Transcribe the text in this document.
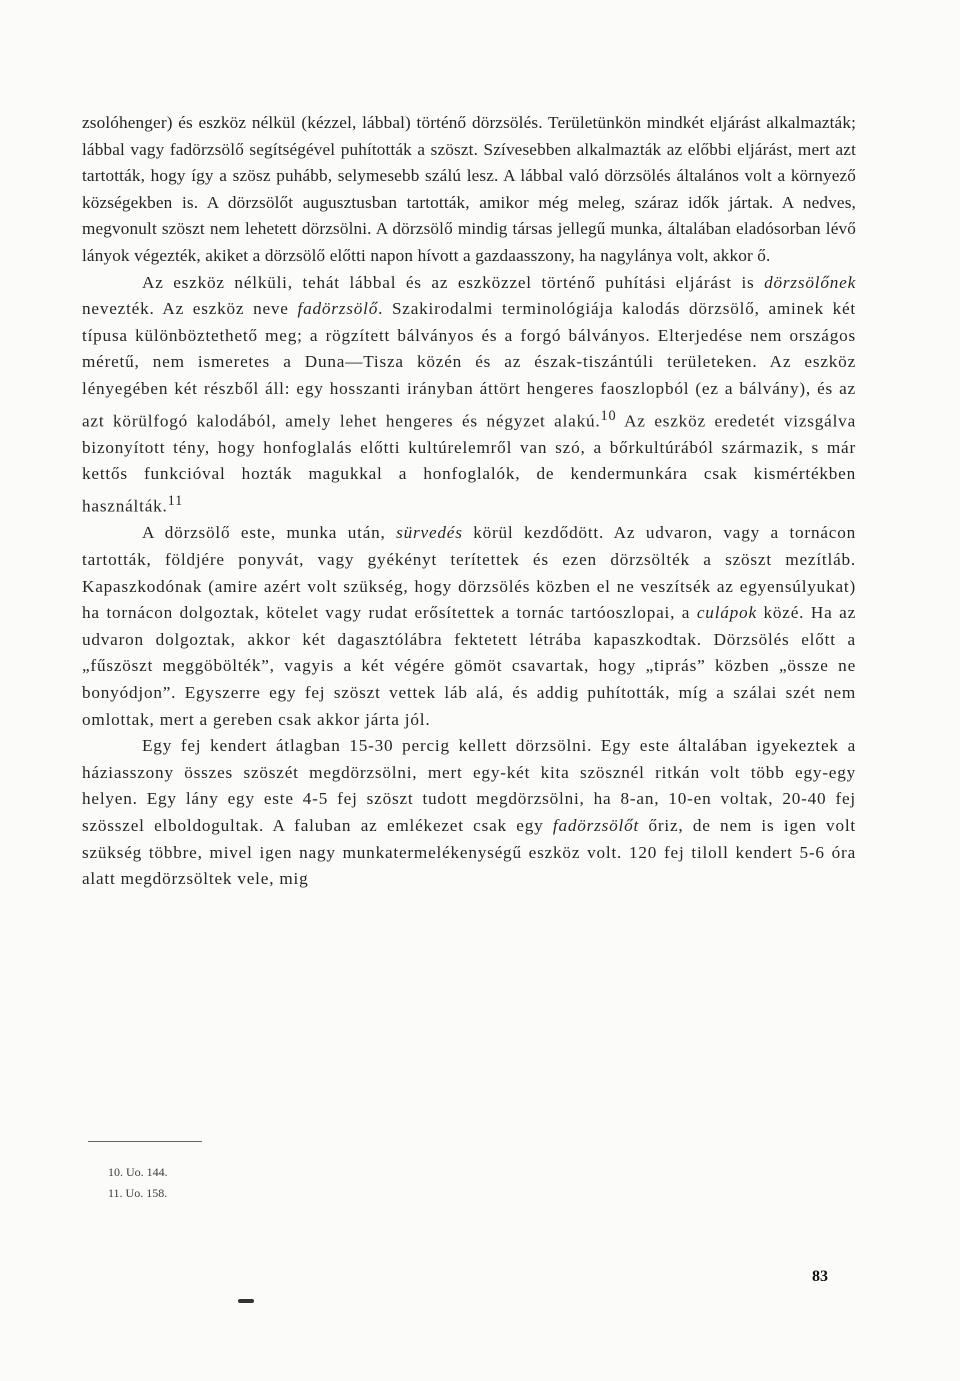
zsolóhenger) és eszköz nélkül (kézzel, lábbal) történő dörzsölés. Területünkön mindkét eljárást alkalmazták; lábbal vagy fadörzsölő segítségével puhították a szöszt. Szívesebben alkalmazták az előbbi eljárást, mert azt tartották, hogy így a szösz puhább, selymesebb szálú lesz. A lábbal való dörzsölés általános volt a környező községekben is. A dörzsölőt augusztusban tartották, amikor még meleg, száraz idők jártak. A nedves, megvonult szöszt nem lehetett dörzsölni. A dörzsölő mindig társas jellegű munka, általában eladósorban lévő lányok végezték, akiket a dörzsölő előtti napon hívott a gazdaasszony, ha nagylánya volt, akkor ő.

Az eszköz nélküli, tehát lábbal és az eszközzel történő puhítási eljárást is dörzsölőnek nevezték. Az eszköz neve fadörzsölő. Szakirodalmi terminológiája kalodás dörzsölő, aminek két típusa különböztethető meg; a rögzített bálványos és a forgó bálványos. Elterjedése nem országos méretű, nem ismeretes a Duna—Tisza közén és az észak-tiszántúli területeken. Az eszköz lényegében két részből áll: egy hosszanti irányban áttört hengeres faoszlopból (ez a bálvány), és az azt körülfogó kalodából, amely lehet hengeres és négyzet alakú.$^{10}$ Az eszköz eredetét vizsgálva bizonyított tény, hogy honfoglalás előtti kultúrelemről van szó, a bőrkultúrából származik, s már kettős funkcióval hozták magukkal a honfoglalók, de kendermunkára csak kismértékben használták.$^{11}$

A dörzsölő este, munka után, sürvedés körül kezdődött. Az udvaron, vagy a tornácon tartották, földjére ponyvát, vagy gyékényt terítettek és ezen dörzsölték a szöszt mezítláb. Kapaszkodónak (amire azért volt szükség, hogy dörzsölés közben el ne veszítsék az egyensúlyukat) ha tornácon dolgoztak, kötelet vagy rudat erősítettek a tornác tartóoszlopai, a culápok közé. Ha az udvaron dolgoztak, akkor két dagasztólábra fektetett létrába kapaszkodtak. Dörzsölés előtt a „fűszöszt meggöbölték”, vagyis a két végére gömöt csavartak, hogy „tiprás” közben „össze ne bonyódjon”. Egyszerre egy fej szöszt vettek láb alá, és addig puhították, míg a szálai szét nem omlottak, mert a gereben csak akkor járta jól.

Egy fej kendert átlagban 15-30 percig kellett dörzsölni. Egy este általában igyekeztek a háziasszony összes szöszét megdörzsölni, mert egy-két kita szösznél ritkán volt több egy-egy helyen. Egy lány egy este 4-5 fej szöszt tudott megdörzsölni, ha 8-an, 10-en voltak, 20-40 fej szösszel elboldogultak. A faluban az emlékezet csak egy fadörzsölőt őriz, de nem is igen volt szükség többre, mivel igen nagy munkatermelékenységű eszköz volt. 120 fej tiloll kendert 5-6 óra alatt megdörzsöltek vele, mig

10. Uo. 144.
11. Uo. 158.
83
